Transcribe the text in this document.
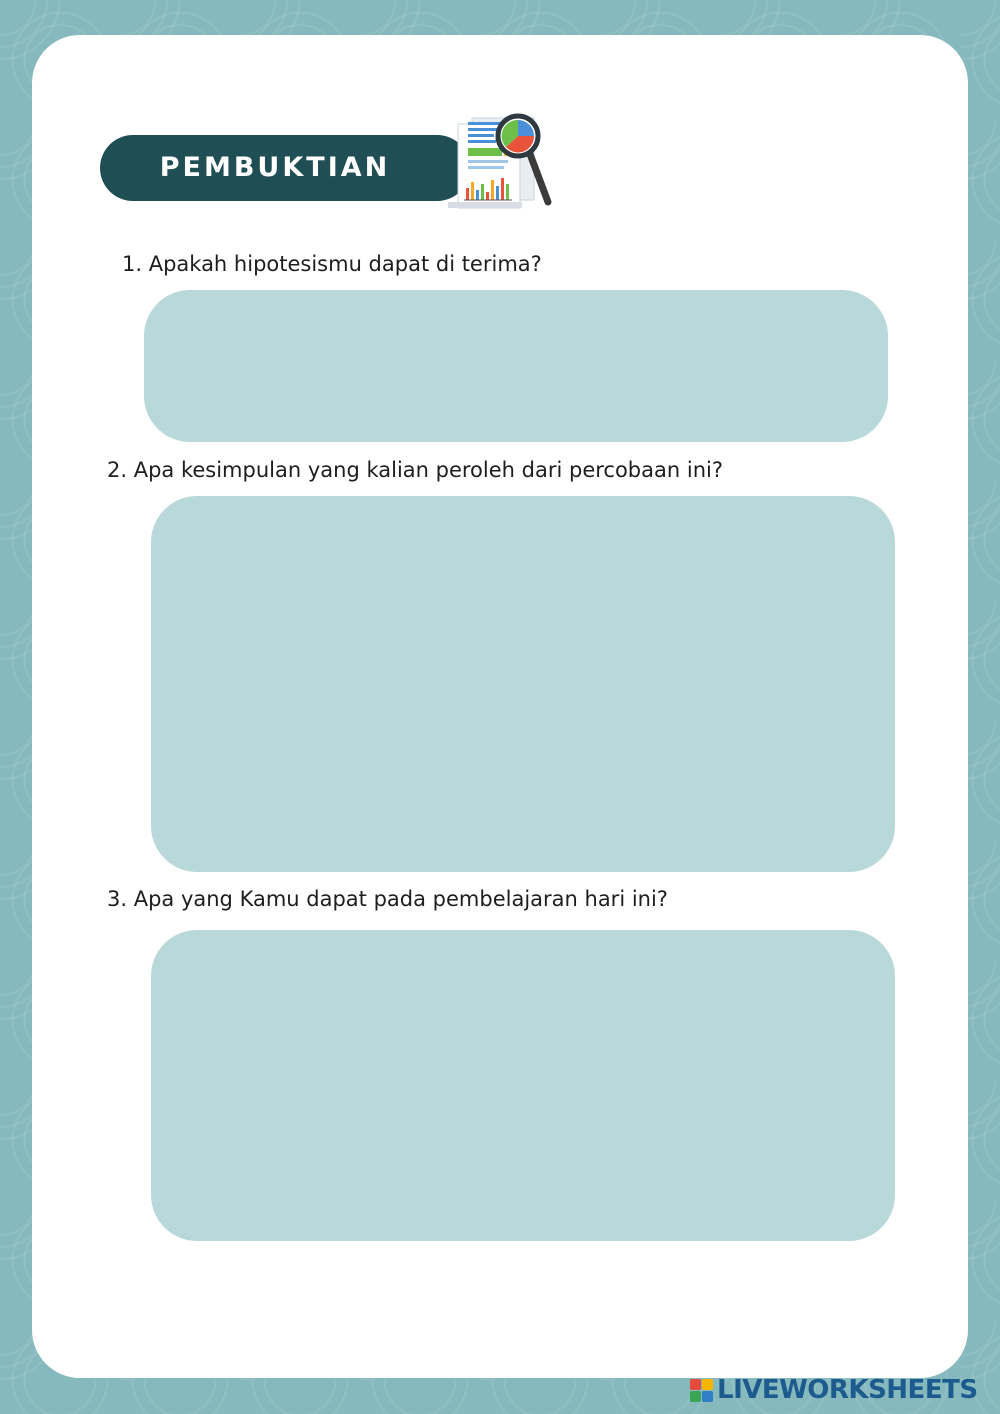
PEMBUKTIAN
1. Apakah hipotesismu dapat di terima?
2. Apa kesimpulan yang kalian peroleh dari percobaan ini?
3. Apa yang Kamu dapat pada pembelajaran hari ini?
LIVEWORKSHEETS
